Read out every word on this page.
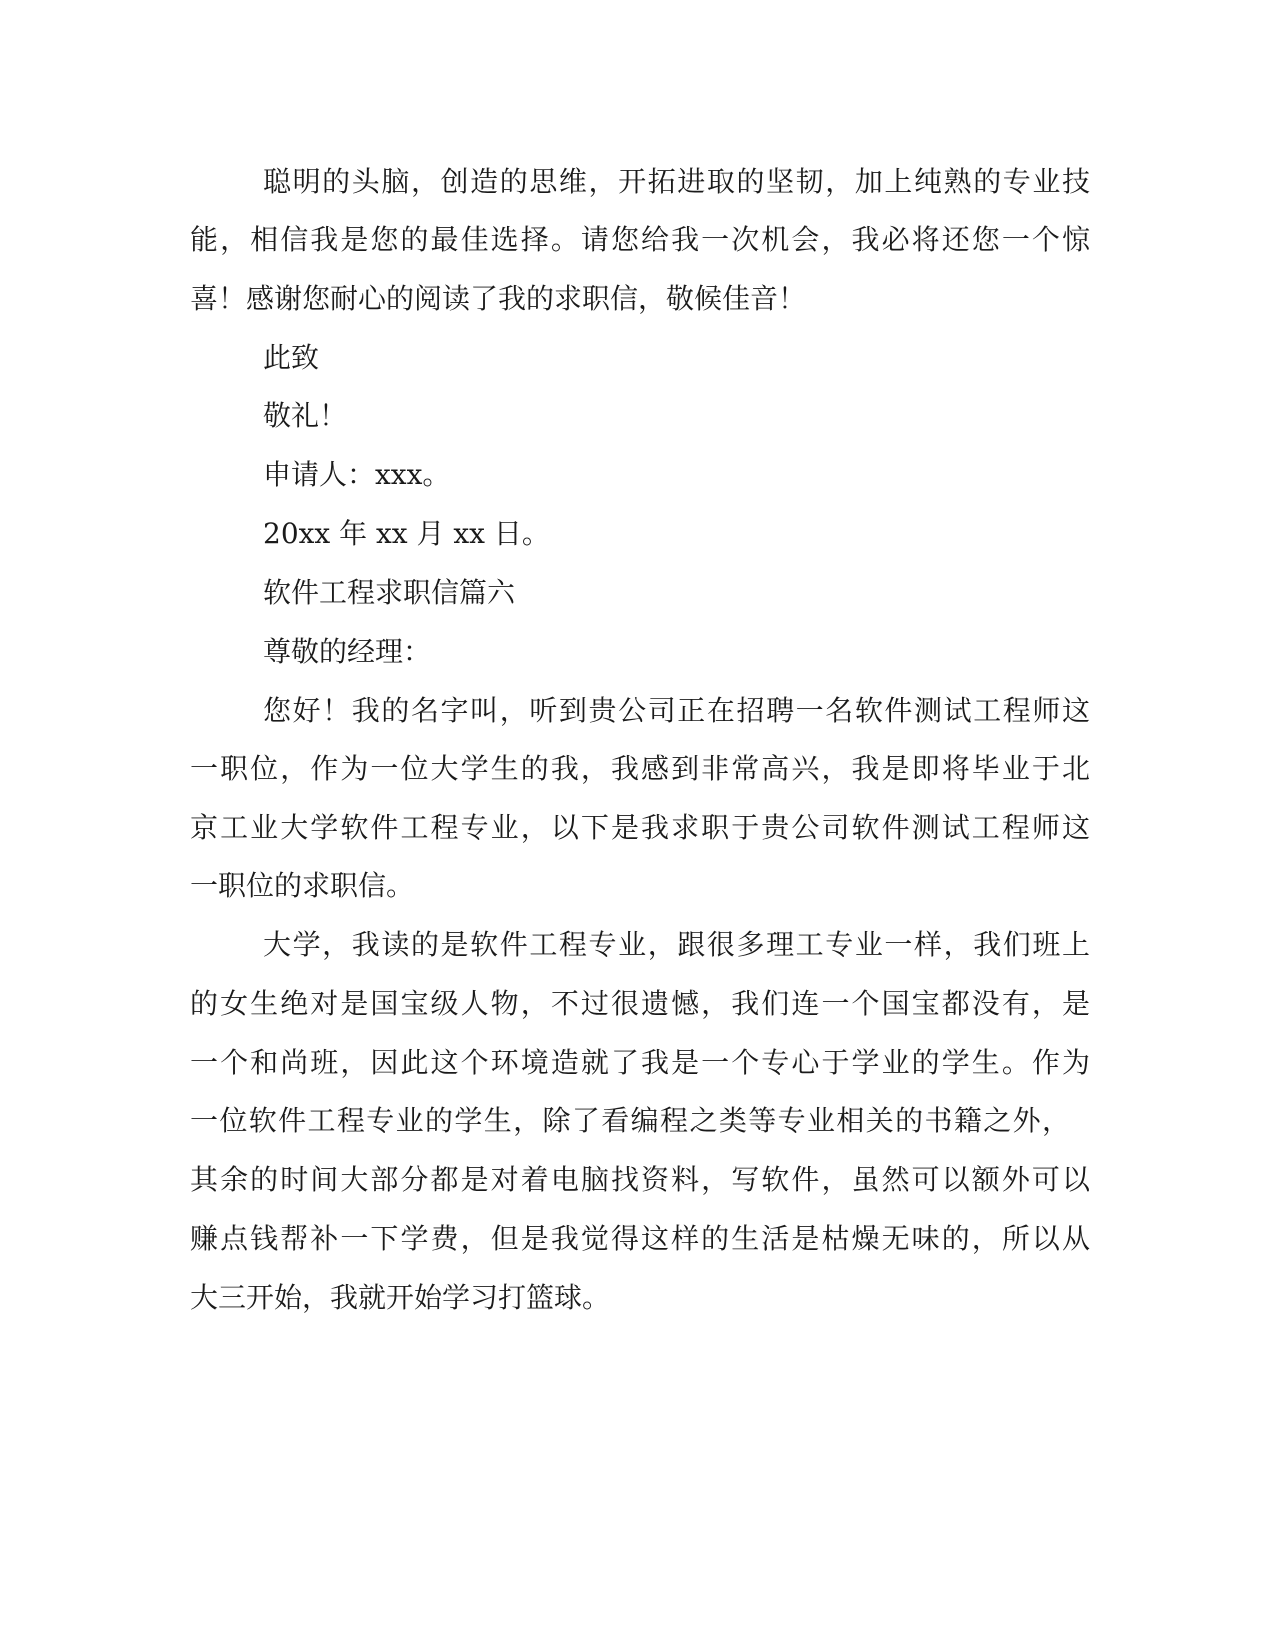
聪明的头脑，创造的思维，开拓进取的坚韧，加上纯熟的专业技

能，相信我是您的最佳选择。请您给我一次机会，我必将还您一个惊

喜！感谢您耐心的阅读了我的求职信，敬候佳音！

此致

敬礼！

申请人：xxx。

20xx 年 xx 月 xx 日。

软件工程求职信篇六

尊敬的经理：

您好！我的名字叫，听到贵公司正在招聘一名软件测试工程师这

一职位，作为一位大学生的我，我感到非常高兴，我是即将毕业于北

京工业大学软件工程专业，以下是我求职于贵公司软件测试工程师这

一职位的求职信。

大学，我读的是软件工程专业，跟很多理工专业一样，我们班上

的女生绝对是国宝级人物，不过很遗憾，我们连一个国宝都没有，是

一个和尚班，因此这个环境造就了我是一个专心于学业的学生。作为

一位软件工程专业的学生，除了看编程之类等专业相关的书籍之外，

其余的时间大部分都是对着电脑找资料，写软件，虽然可以额外可以

赚点钱帮补一下学费，但是我觉得这样的生活是枯燥无味的，所以从

大三开始，我就开始学习打篮球。
